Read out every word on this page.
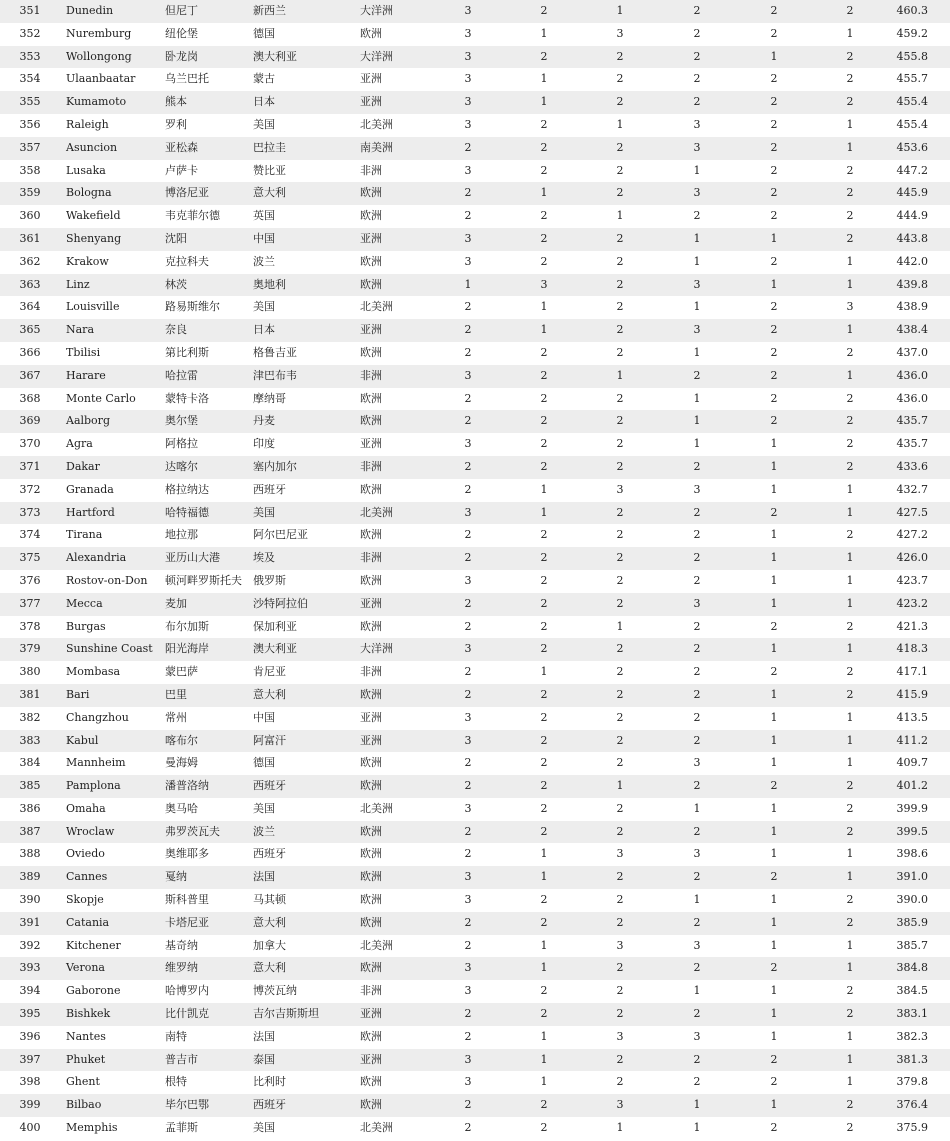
351	Dunedin	但尼丁	新西兰	大洋洲	3	2	1	2	2	2	460.3
352	Nuremburg	纽伦堡	德国	欧洲	3	1	3	2	2	1	459.2
353	Wollongong	卧龙岗	澳大利亚	大洋洲	3	2	2	2	1	2	455.8
354	Ulaanbaatar	乌兰巴托	蒙古	亚洲	3	1	2	2	2	2	455.7
355	Kumamoto	熊本	日本	亚洲	3	1	2	2	2	2	455.4
356	Raleigh	罗利	美国	北美洲	3	2	1	3	2	1	455.4
357	Asuncion	亚松森	巴拉圭	南美洲	2	2	2	3	2	1	453.6
358	Lusaka	卢萨卡	赞比亚	非洲	3	2	2	1	2	2	447.2
359	Bologna	博洛尼亚	意大利	欧洲	2	1	2	3	2	2	445.9
360	Wakefield	韦克菲尔德	英国	欧洲	2	2	1	2	2	2	444.9
361	Shenyang	沈阳	中国	亚洲	3	2	2	1	1	2	443.8
362	Krakow	克拉科夫	波兰	欧洲	3	2	2	1	2	1	442.0
363	Linz	林茨	奥地利	欧洲	1	3	2	3	1	1	439.8
364	Louisville	路易斯维尔	美国	北美洲	2	1	2	1	2	3	438.9
365	Nara	奈良	日本	亚洲	2	1	2	3	2	1	438.4
366	Tbilisi	第比利斯	格鲁吉亚	欧洲	2	2	2	1	2	2	437.0
367	Harare	哈拉雷	津巴布韦	非洲	3	2	1	2	2	1	436.0
368	Monte Carlo	蒙特卡洛	摩纳哥	欧洲	2	2	2	1	2	2	436.0
369	Aalborg	奥尔堡	丹麦	欧洲	2	2	2	1	2	2	435.7
370	Agra	阿格拉	印度	亚洲	3	2	2	1	1	2	435.7
371	Dakar	达喀尔	塞内加尔	非洲	2	2	2	2	1	2	433.6
372	Granada	格拉纳达	西班牙	欧洲	2	1	3	3	1	1	432.7
373	Hartford	哈特福德	美国	北美洲	3	1	2	2	2	1	427.5
374	Tirana	地拉那	阿尔巴尼亚	欧洲	2	2	2	2	1	2	427.2
375	Alexandria	亚历山大港	埃及	非洲	2	2	2	2	1	1	426.0
376	Rostov-on-Don	顿河畔罗斯托夫	俄罗斯	欧洲	3	2	2	2	1	1	423.7
377	Mecca	麦加	沙特阿拉伯	亚洲	2	2	2	3	1	1	423.2
378	Burgas	布尔加斯	保加利亚	欧洲	2	2	1	2	2	2	421.3
379	Sunshine Coast	阳光海岸	澳大利亚	大洋洲	3	2	2	2	1	1	418.3
380	Mombasa	蒙巴萨	肯尼亚	非洲	2	1	2	2	2	2	417.1
381	Bari	巴里	意大利	欧洲	2	2	2	2	1	2	415.9
382	Changzhou	常州	中国	亚洲	3	2	2	2	1	1	413.5
383	Kabul	喀布尔	阿富汗	亚洲	3	2	2	2	1	1	411.2
384	Mannheim	曼海姆	德国	欧洲	2	2	2	3	1	1	409.7
385	Pamplona	潘普洛纳	西班牙	欧洲	2	2	1	2	2	2	401.2
386	Omaha	奥马哈	美国	北美洲	3	2	2	1	1	2	399.9
387	Wroclaw	弗罗茨瓦夫	波兰	欧洲	2	2	2	2	1	2	399.5
388	Oviedo	奥维耶多	西班牙	欧洲	2	1	3	3	1	1	398.6
389	Cannes	戛纳	法国	欧洲	3	1	2	2	2	1	391.0
390	Skopje	斯科普里	马其顿	欧洲	3	2	2	1	1	2	390.0
391	Catania	卡塔尼亚	意大利	欧洲	2	2	2	2	1	2	385.9
392	Kitchener	基奇纳	加拿大	北美洲	2	1	3	3	1	1	385.7
393	Verona	维罗纳	意大利	欧洲	3	1	2	2	2	1	384.8
394	Gaborone	哈博罗内	博茨瓦纳	非洲	3	2	2	1	1	2	384.5
395	Bishkek	比什凯克	吉尔吉斯斯坦	亚洲	2	2	2	2	1	2	383.1
396	Nantes	南特	法国	欧洲	2	1	3	3	1	1	382.3
397	Phuket	普吉市	泰国	亚洲	3	1	2	2	2	1	381.3
398	Ghent	根特	比利时	欧洲	3	1	2	2	2	1	379.8
399	Bilbao	毕尔巴鄂	西班牙	欧洲	2	2	3	1	1	2	376.4
400	Memphis	孟菲斯	美国	北美洲	2	2	1	1	2	2	375.9
